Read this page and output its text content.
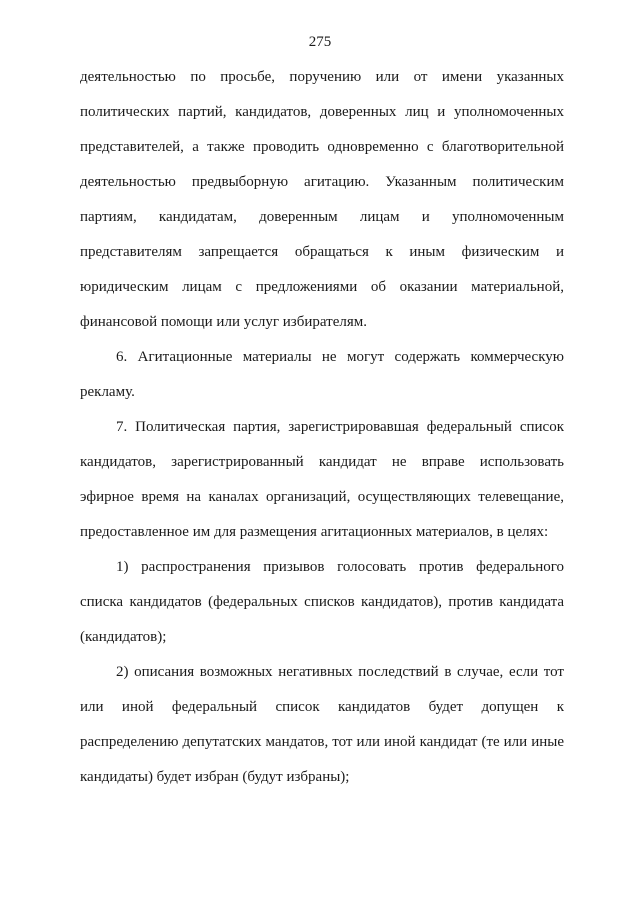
275
деятельностью по просьбе, поручению или от имени указанных
политических партий, кандидатов, доверенных лиц и уполномоченных
представителей, а также проводить одновременно с благотворительной
деятельностью предвыборную агитацию. Указанным политическим
партиям, кандидатам, доверенным лицам и уполномоченным
представителям запрещается обращаться к иным физическим и
юридическим лицам с предложениями об оказании материальной,
финансовой помощи или услуг избирателям.
6. Агитационные материалы не могут содержать коммерческую
рекламу.
7. Политическая партия, зарегистрировавшая федеральный список
кандидатов, зарегистрированный кандидат не вправе использовать
эфирное время на каналах организаций, осуществляющих телевещание,
предоставленное им для размещения агитационных материалов, в целях:
1) распространения призывов голосовать против федерального
списка кандидатов (федеральных списков кандидатов), против кандидата
(кандидатов);
2) описания возможных негативных последствий в случае, если тот
или иной федеральный список кандидатов будет допущен к
распределению депутатских мандатов, тот или иной кандидат (те или иные
кандидаты) будет избран (будут избраны);
